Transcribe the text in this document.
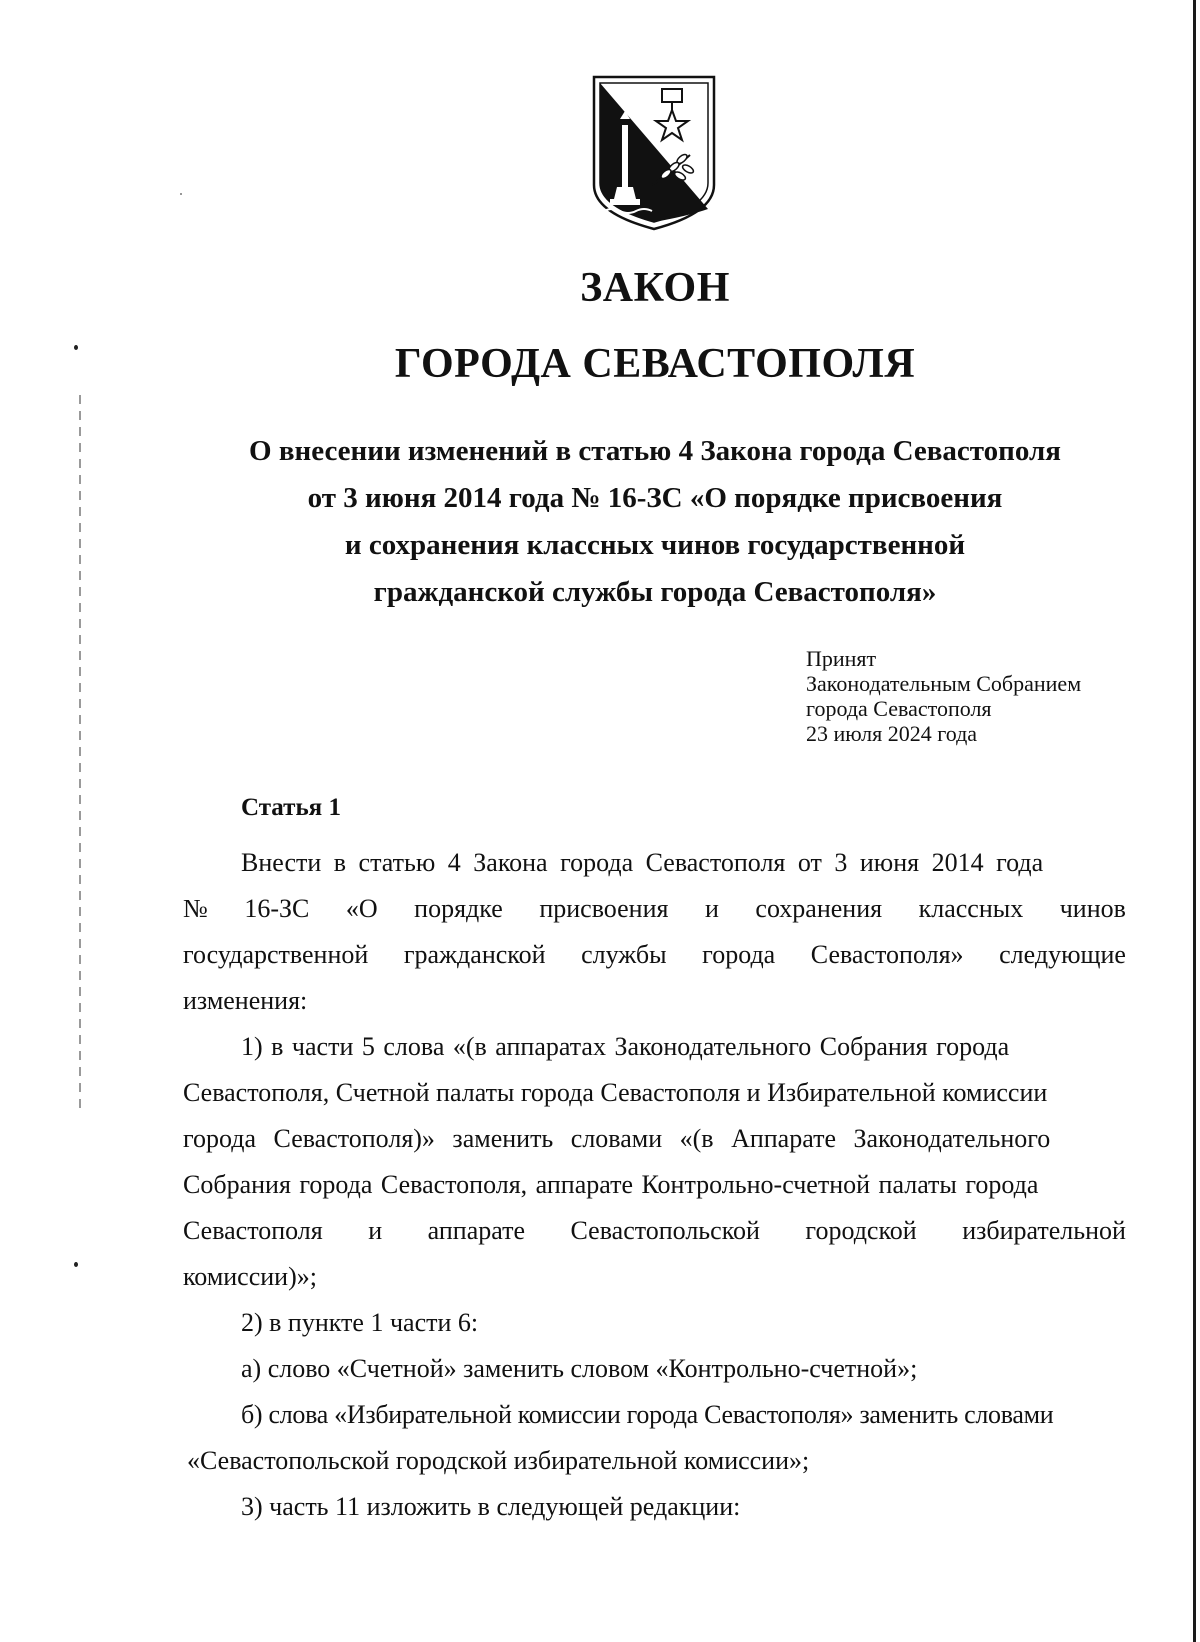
ЗАКОН
ГОРОДА СЕВАСТОПОЛЯ
О внесении изменений в статью 4 Закона города Севастополя
от 3 июня 2014 года № 16-ЗС «О порядке присвоения
и сохранения классных чинов государственной
гражданской службы города Севастополя»
Принят
Законодательным Собранием
города Севастополя
23 июля 2024 года
Статья 1
Внести в статью 4 Закона города Севастополя от 3 июня 2014 года
№ 16-ЗС «О порядке присвоения и сохранения классных чинов
государственной гражданской службы города Севастополя» следующие
изменения:
1) в части 5 слова «(в аппаратах Законодательного Собрания города
Севастополя, Счетной палаты города Севастополя и Избирательной комиссии
города Севастополя)» заменить словами «(в Аппарате Законодательного
Собрания города Севастополя, аппарате Контрольно-счетной палаты города
Севастополя и аппарате Севастопольской городской избирательной
комиссии)»;
2) в пункте 1 части 6:
а) слово «Счетной» заменить словом «Контрольно-счетной»;
б) слова «Избирательной комиссии города Севастополя» заменить словами
«Севастопольской городской избирательной комиссии»;
3) часть 11 изложить в следующей редакции:
